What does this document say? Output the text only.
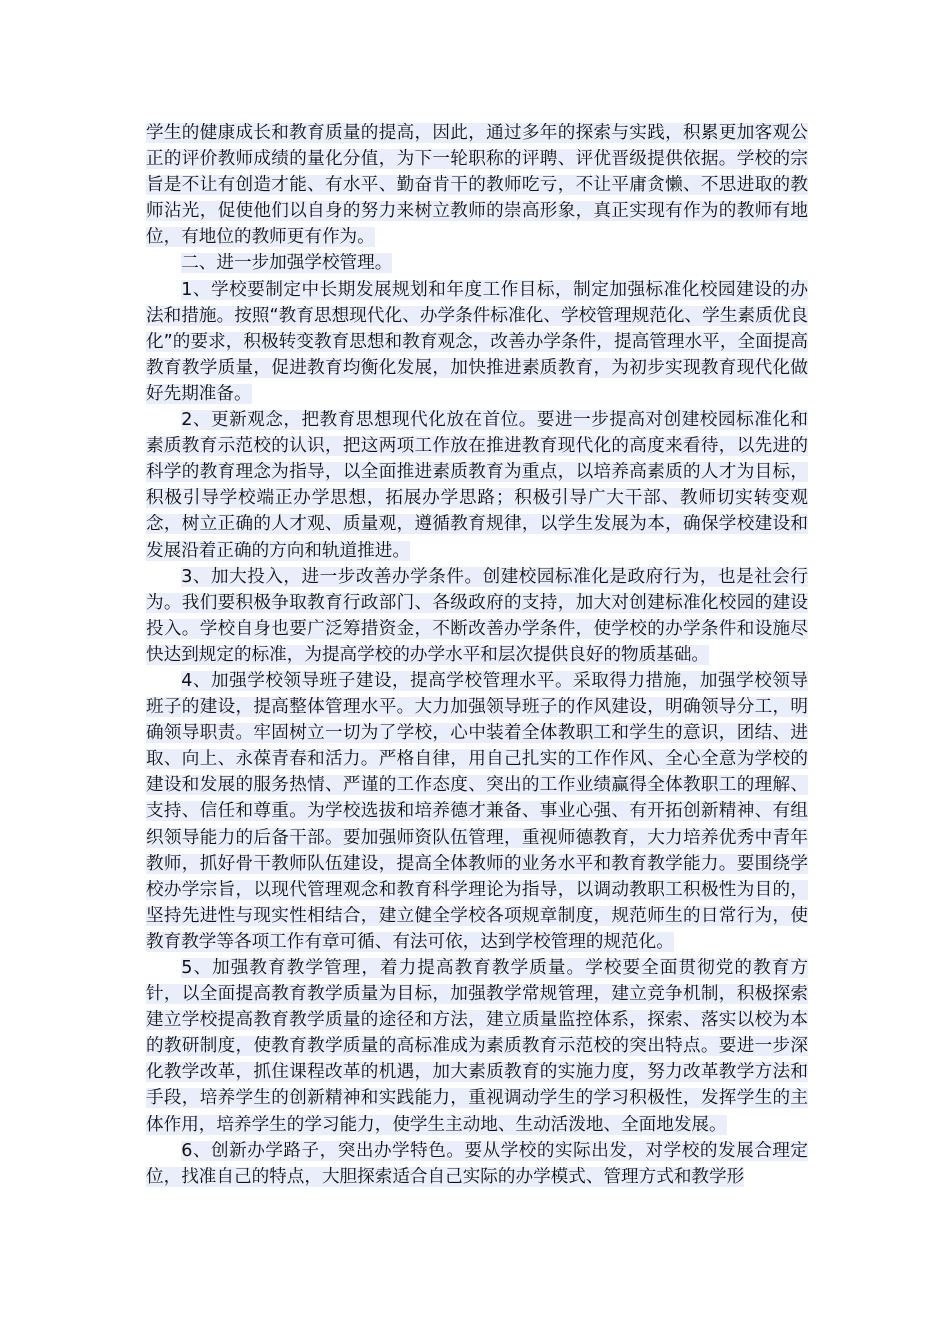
学生的健康成长和教育质量的提高，因此，通过多年的探索与实践，积累更加客观公正的评价教师成绩的量化分值，为下一轮职称的评聘、评优晋级提供依据。学校的宗旨是不让有创造才能、有水平、勤奋肯干的教师吃亏，不让平庸贪懒、不思进取的教师沾光，促使他们以自身的努力来树立教师的崇高形象，真正实现有作为的教师有地位，有地位的教师更有作为。

二、进一步加强学校管理。

1、学校要制定中长期发展规划和年度工作目标，制定加强标准化校园建设的办法和措施。按照“教育思想现代化、办学条件标准化、学校管理规范化、学生素质优良化”的要求，积极转变教育思想和教育观念，改善办学条件，提高管理水平，全面提高教育教学质量，促进教育均衡化发展，加快推进素质教育，为初步实现教育现代化做好先期准备。

2、更新观念，把教育思想现代化放在首位。要进一步提高对创建校园标准化和素质教育示范校的认识，把这两项工作放在推进教育现代化的高度来看待，以先进的科学的教育理念为指导，以全面推进素质教育为重点，以培养高素质的人才为目标，积极引导学校端正办学思想，拓展办学思路；积极引导广大干部、教师切实转变观念，树立正确的人才观、质量观，遵循教育规律，以学生发展为本，确保学校建设和发展沿着正确的方向和轨道推进。

3、加大投入，进一步改善办学条件。创建校园标准化是政府行为，也是社会行为。我们要积极争取教育行政部门、各级政府的支持，加大对创建标准化校园的建设投入。学校自身也要广泛筹措资金，不断改善办学条件，使学校的办学条件和设施尽快达到规定的标准，为提高学校的办学水平和层次提供良好的物质基础。

4、加强学校领导班子建设，提高学校管理水平。采取得力措施，加强学校领导班子的建设，提高整体管理水平。大力加强领导班子的作风建设，明确领导分工，明确领导职责。牢固树立一切为了学校，心中装着全体教职工和学生的意识，团结、进取、向上、永葆青春和活力。严格自律，用自己扎实的工作作风、全心全意为学校的建设和发展的服务热情、严谨的工作态度、突出的工作业绩赢得全体教职工的理解、支持、信任和尊重。为学校选拔和培养德才兼备、事业心强、有开拓创新精神、有组织领导能力的后备干部。要加强师资队伍管理，重视师德教育，大力培养优秀中青年教师，抓好骨干教师队伍建设，提高全体教师的业务水平和教育教学能力。要围绕学校办学宗旨，以现代管理观念和教育科学理论为指导，以调动教职工积极性为目的，坚持先进性与现实性相结合，建立健全学校各项规章制度，规范师生的日常行为，使教育教学等各项工作有章可循、有法可依，达到学校管理的规范化。

5、加强教育教学管理，着力提高教育教学质量。学校要全面贯彻党的教育方针，以全面提高教育教学质量为目标，加强教学常规管理，建立竞争机制，积极探索建立学校提高教育教学质量的途径和方法，建立质量监控体系，探索、落实以校为本的教研制度，使教育教学质量的高标准成为素质教育示范校的突出特点。要进一步深化教学改革，抓住课程改革的机遇，加大素质教育的实施力度，努力改革教学方法和手段，培养学生的创新精神和实践能力，重视调动学生的学习积极性，发挥学生的主体作用，培养学生的学习能力，使学生主动地、生动活泼地、全面地发展。

6、创新办学路子，突出办学特色。要从学校的实际出发，对学校的发展合理定位，找准自己的特点，大胆探索适合自己实际的办学模式、管理方式和教学形
